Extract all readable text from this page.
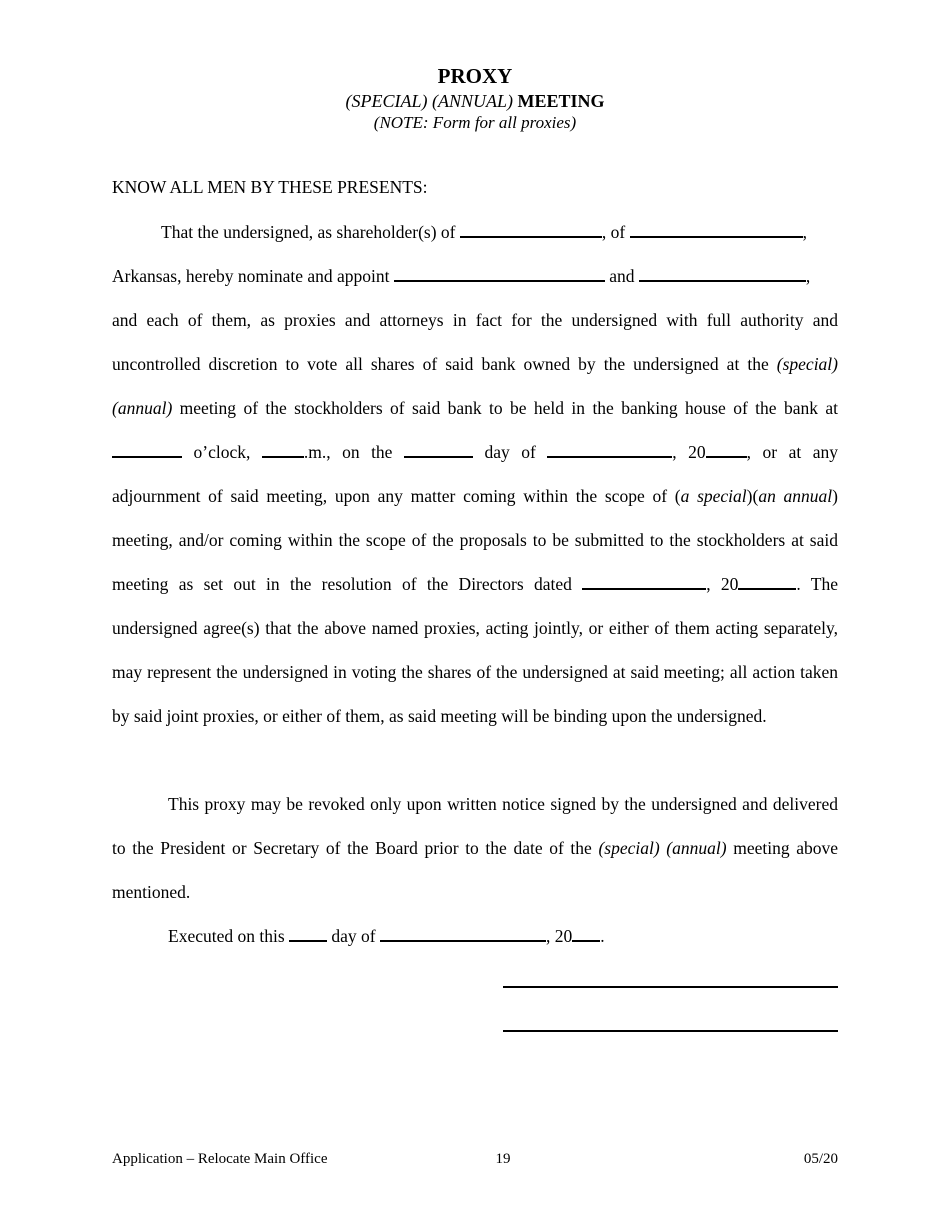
PROXY
(SPECIAL) (ANNUAL) MEETING
(NOTE: Form for all proxies)
KNOW ALL MEN BY THESE PRESENTS:
That the undersigned, as shareholder(s) of	, of	,
Arkansas, hereby nominate and appoint	and	,
and each of them, as proxies and attorneys in fact for the undersigned with full authority and uncontrolled discretion to vote all shares of said bank owned by the undersigned at the (special)(annual) meeting of the stockholders of said bank to be held in the banking house of the bank at o’clock, .m., on the	day of	, 20 , or at any adjournment of said meeting, upon any matter coming within the scope of (a special)(an annual) meeting, and/or coming within the scope of the proposals to be submitted to the stockholders at said meeting as set out in the resolution of the Directors dated	, 20	. The undersigned agree(s) that the above named proxies, acting jointly, or either of them acting separately, may represent the undersigned in voting the shares of the undersigned at said meeting; all action taken by said joint proxies, or either of them, as said meeting will be binding upon the undersigned.
This proxy may be revoked only upon written notice signed by the undersigned and delivered to the President or Secretary of the Board prior to the date of the (special) (annual) meeting above mentioned.
Executed on this  day of	, 20 .
Application – Relocate Main Office	19	05/20
